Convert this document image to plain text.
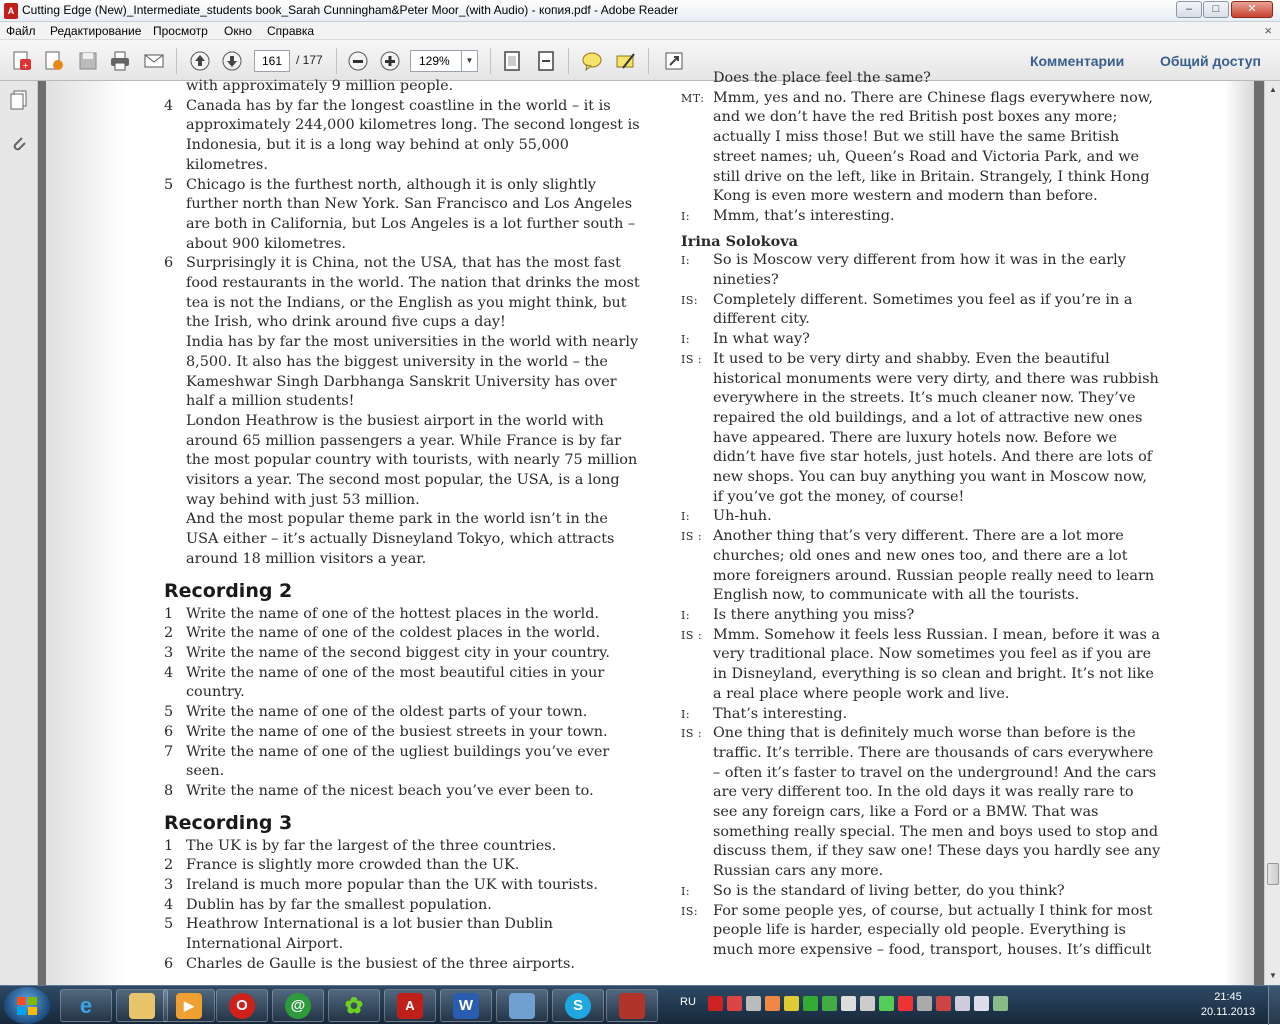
A Cutting Edge (New)_Intermediate_students book_Sarah Cunningham&Peter Moor_(with Audio) - копия.pdf - Adobe Reader	–	□	✕
Файл Редактирование Просмотр Окно Справка	×
+	161	/ 177	129%	▼	Комментарии	Общий доступ
with approximately 9 million people.
4 Canada has by far the longest coastline in the world – it is approximately 244,000 kilometres long. The second longest is Indonesia, but it is a long way behind at only 55,000 kilometres.
5 Chicago is the furthest north, although it is only slightly further north than New York. San Francisco and Los Angeles are both in California, but Los Angeles is a lot further south – about 900 kilometres.
6 Surprisingly it is China, not the USA, that has the most fast food restaurants in the world. The nation that drinks the most tea is not the Indians, or the English as you might think, but the Irish, who drink around five cups a day!
India has by far the most universities in the world with nearly 8,500. It also has the biggest university in the world – the Kameshwar Singh Darbhanga Sanskrit University has over half a million students!
London Heathrow is the busiest airport in the world with around 65 million passengers a year. While France is by far the most popular country with tourists, with nearly 75 million visitors a year. The second most popular, the USA, is a long way behind with just 53 million.
And the most popular theme park in the world isn’t in the USA either – it’s actually Disneyland Tokyo, which attracts around 18 million visitors a year.
Recording 2
1 Write the name of one of the hottest places in the world.
2 Write the name of one of the coldest places in the world.
3 Write the name of the second biggest city in your country.
4 Write the name of one of the most beautiful cities in your country.
5 Write the name of one of the oldest parts of your town.
6 Write the name of one of the busiest streets in your town.
7 Write the name of one of the ugliest buildings you’ve ever seen.
8 Write the name of the nicest beach you’ve ever been to.
Recording 3
1 The UK is by far the largest of the three countries.
2 France is slightly more crowded than the UK.
3 Ireland is much more popular than the UK with tourists.
4 Dublin has by far the smallest population.
5 Heathrow International is a lot busier than Dublin International Airport.
6 Charles de Gaulle is the busiest of the three airports.
Does the place feel the same?
MT: Mmm, yes and no. There are Chinese flags everywhere now, and we don’t have the red British post boxes any more; actually I miss those! But we still have the same British street names; uh, Queen’s Road and Victoria Park, and we still drive on the left, like in Britain. Strangely, I think Hong Kong is even more western and modern than before.
I: Mmm, that’s interesting.
Irina Solokova
I: So is Moscow very different from how it was in the early nineties?
IS: Completely different. Sometimes you feel as if you’re in a different city.
I: In what way?
IS : It used to be very dirty and shabby. Even the beautiful historical monuments were very dirty, and there was rubbish everywhere in the streets. It’s much cleaner now. They’ve repaired the old buildings, and a lot of attractive new ones have appeared. There are luxury hotels now. Before we didn’t have five star hotels, just hotels. And there are lots of new shops. You can buy anything you want in Moscow now, if you’ve got the money, of course!
I: Uh-huh.
IS : Another thing that’s very different. There are a lot more churches; old ones and new ones too, and there are a lot more foreigners around. Russian people really need to learn English now, to communicate with all the tourists.
I: Is there anything you miss?
IS : Mmm. Somehow it feels less Russian. I mean, before it was a very traditional place. Now sometimes you feel as if you are in Disneyland, everything is so clean and bright. It’s not like a real place where people work and live.
I: That’s interesting.
IS : One thing that is definitely much worse than before is the traffic. It’s terrible. There are thousands of cars everywhere – often it’s faster to travel on the underground! And the cars are very different too. In the old days it was really rare to see any foreign cars, like a Ford or a BMW. That was something really special. The men and boys used to stop and discuss them, if they saw one! These days you hardly see any Russian cars any more.
I: So is the standard of living better, do you think?
IS: For some people yes, of course, but actually I think for most people life is harder, especially old people. Everything is much more expensive – food, transport, houses. It’s difficult
▲
▼
e	▶	O	@ ✿	A	W	S	RU	21:45
20.11.2013
